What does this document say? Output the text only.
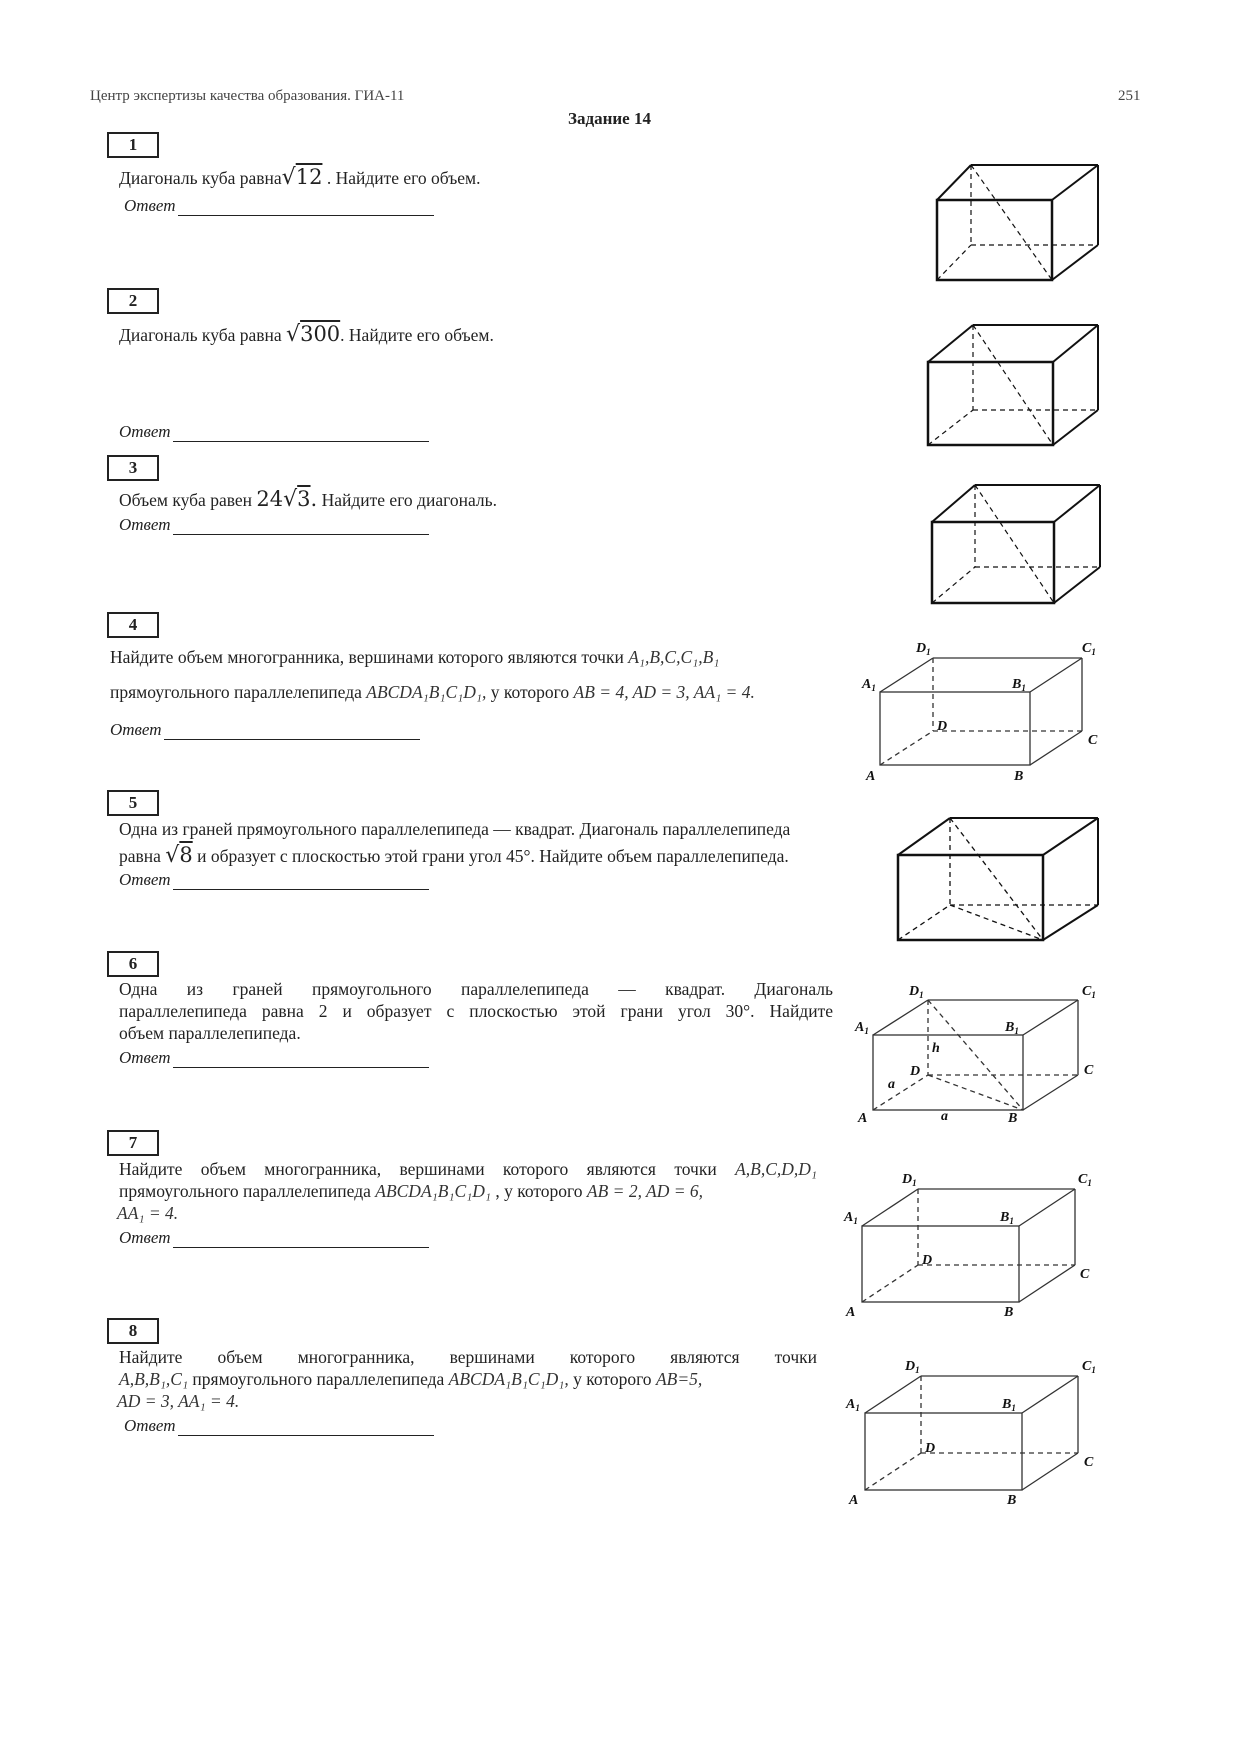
Центр экспертизы качества образования. ГИА-11	251
Задание 14
1
Диагональ куба равна√12 . Найдите его объем.
Ответ
2
Диагональ куба равна √300. Найдите его объем.
Ответ
3
Объем куба равен 24√3. Найдите его диагональ.
Ответ
4
Найдите объем многогранника, вершинами которого являются точки A₁,B,C,C₁,B₁
прямоугольного параллелепипеда ABCDA₁B₁C₁D₁, у которого AB = 4, AD = 3, AA₁ = 4.
Ответ
5
Одна из граней прямоугольного параллелепипеда — квадрат. Диагональ параллелепипеда
равна √8 и образует с плоскостью этой грани угол 45°. Найдите объем параллелепипеда.
Ответ
6
Одна из граней прямоугольного параллелепипеда — квадрат. Диагональ
параллелепипеда равна 2 и образует с плоскостью этой грани угол 30°. Найдите
объем параллелепипеда.
Ответ
7
Найдите объем многогранника, вершинами которого являются точки A,B,C,D,D₁
прямоугольного параллелепипеда ABCDA₁B₁C₁D₁ , у которого AB = 2, AD = 6,
AA₁ = 4.
Ответ
8
Найдите объем многогранника, вершинами которого являются точки
A,B,B₁,C₁ прямоугольного параллелепипеда ABCDA₁B₁C₁D₁, у которого AB=5,
AD = 3, AA₁ = 4.
Ответ
$D_1$	$C_1$
$A_1$	$B_1$
D
C
A	B
$D_1$	$C_1$
$A_1$	$B_1$
h
D	C
a
a
A	B
$D_1$	$C_1$
$A_1$	$B_1$
D
C
A	B
$D_1$	$C_1$
$A_1$	$B_1$
D
C
A	B
